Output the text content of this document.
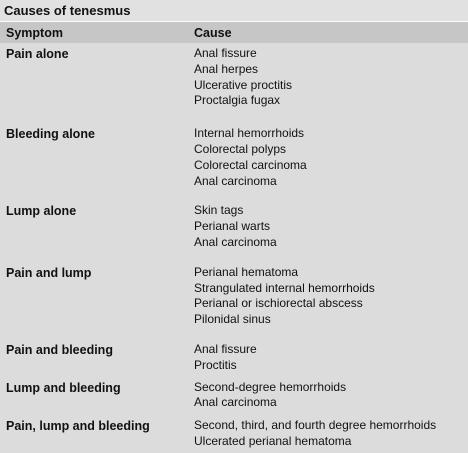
Causes of tenesmus
Symptom	Cause
Pain alone	Anal fissure
Anal herpes
Ulcerative proctitis
Proctalgia fugax
Bleeding alone	Internal hemorrhoids
Colorectal polyps
Colorectal carcinoma
Anal carcinoma
Lump alone	Skin tags
Perianal warts
Anal carcinoma
Pain and lump	Perianal hematoma
Strangulated internal hemorrhoids
Perianal or ischiorectal abscess
Pilonidal sinus
Pain and bleeding	Anal fissure
Proctitis
Lump and bleeding	Second-degree hemorrhoids
Anal carcinoma
Pain, lump and bleeding	Second, third, and fourth degree hemorrhoids
Ulcerated perianal hematoma
